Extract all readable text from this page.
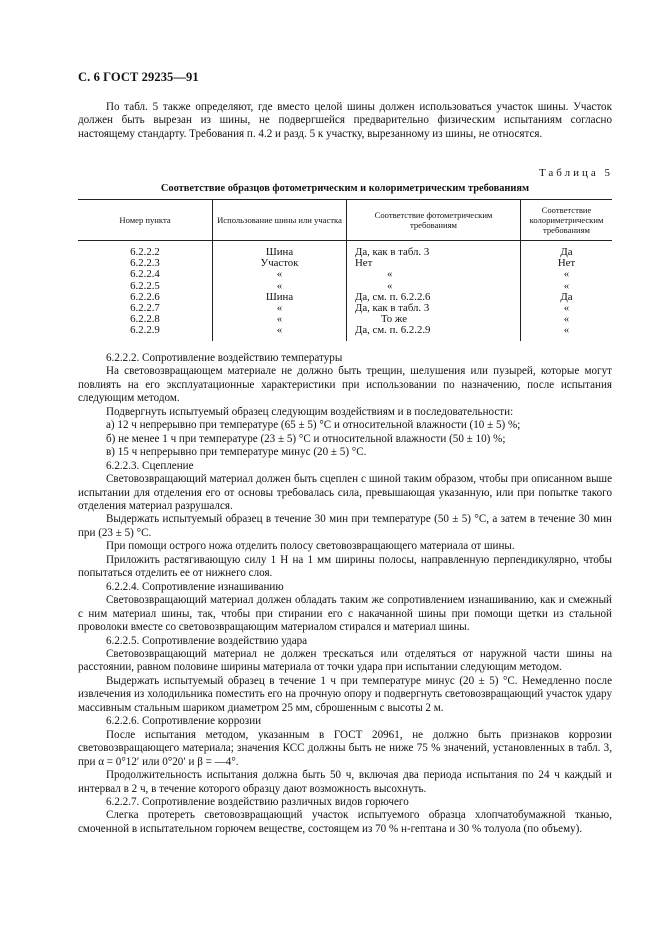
С. 6 ГОСТ 29235—91

По табл. 5 также определяют, где вместо целой шины должен использоваться участок шины. Участок должен быть вырезан из шины, не подвергшейся предварительно физическим испытаниям согласно настоящему стандарту. Требования п. 4.2 и разд. 5 к участку, вырезанному из шины, не относятся.

Таблица 5
Соответствие образцов фотометрическим и колориметрическим требованиям
Номер пункта	Использование шины или участка	Соответствие фотометрическим требованиям	Соответствие колориметрическим требованиям
6.2.2.2	Шина	Да, как в табл. 3	Да
6.2.2.3	Участок	Нет	Нет
6.2.2.4	«	«	«
6.2.2.5	«	«	«
6.2.2.6	Шина	Да, см. п. 6.2.2.6	Да
6.2.2.7	«	Да, как в табл. 3	«
6.2.2.8	«	То же	«
6.2.2.9	«	Да, см. п. 6.2.2.9	«

6.2.2.2. Сопротивление воздействию температуры

На световозвращающем материале не должно быть трещин, шелушения или пузырей, которые могут повлиять на его эксплуатационные характеристики при использовании по назначению, после испытания следующим методом.

Подвергнуть испытуемый образец следующим воздействиям и в последовательности:

а) 12 ч непрерывно при температуре (65 ± 5) °С и относительной влажности (10 ± 5) %;

б) не менее 1 ч при температуре (23 ± 5) °С и относительной влажности (50 ± 10) %;

в) 15 ч непрерывно при температуре минус (20 ± 5) °С.

6.2.2.3. Сцепление

Световозвращающий материал должен быть сцеплен с шиной таким образом, чтобы при описанном выше испытании для отделения его от основы требовалась сила, превышающая указанную, или при попытке такого отделения материал разрушался.

Выдержать испытуемый образец в течение 30 мин при температуре (50 ± 5) °С, а затем в течение 30 мин при (23 ± 5) °С.

При помощи острого ножа отделить полосу световозвращающего материала от шины.

Приложить растягивающую силу 1 Н на 1 мм ширины полосы, направленную перпендикулярно, чтобы попытаться отделить ее от нижнего слоя.

6.2.2.4. Сопротивление изнашиванию

Световозвращающий материал должен обладать таким же сопротивлением изнашиванию, как и смежный с ним материал шины, так, чтобы при стирании его с накачанной шины при помощи щетки из стальной проволоки вместе со световозвращающим материалом стирался и материал шины.

6.2.2.5. Сопротивление воздействию удара

Световозвращающий материал не должен трескаться или отделяться от наружной части шины на расстоянии, равном половине ширины материала от точки удара при испытании следующим методом.

Выдержать испытуемый образец в течение 1 ч при температуре минус (20 ± 5) °С. Немедленно после извлечения из холодильника поместить его на прочную опору и подвергнуть световозвращающий участок удару массивным стальным шариком диаметром 25 мм, сброшенным с высоты 2 м.

6.2.2.6. Сопротивление коррозии

После испытания методом, указанным в ГОСТ 20961, не должно быть признаков коррозии световозвращающего материала; значения КСС должны быть не ниже 75 % значений, установленных в табл. 3, при α = 0°12′ или 0°20′ и β = —4°.

Продолжительность испытания должна быть 50 ч, включая два периода испытания по 24 ч каждый и интервал в 2 ч, в течение которого образцу дают возможность высохнуть.

6.2.2.7. Сопротивление воздействию различных видов горючего

Слегка протереть световозвращающий участок испытуемого образца хлопчатобумажной тканью, смоченной в испытательном горючем веществе, состоящем из 70 % н-гептана и 30 % толуола (по объему).
